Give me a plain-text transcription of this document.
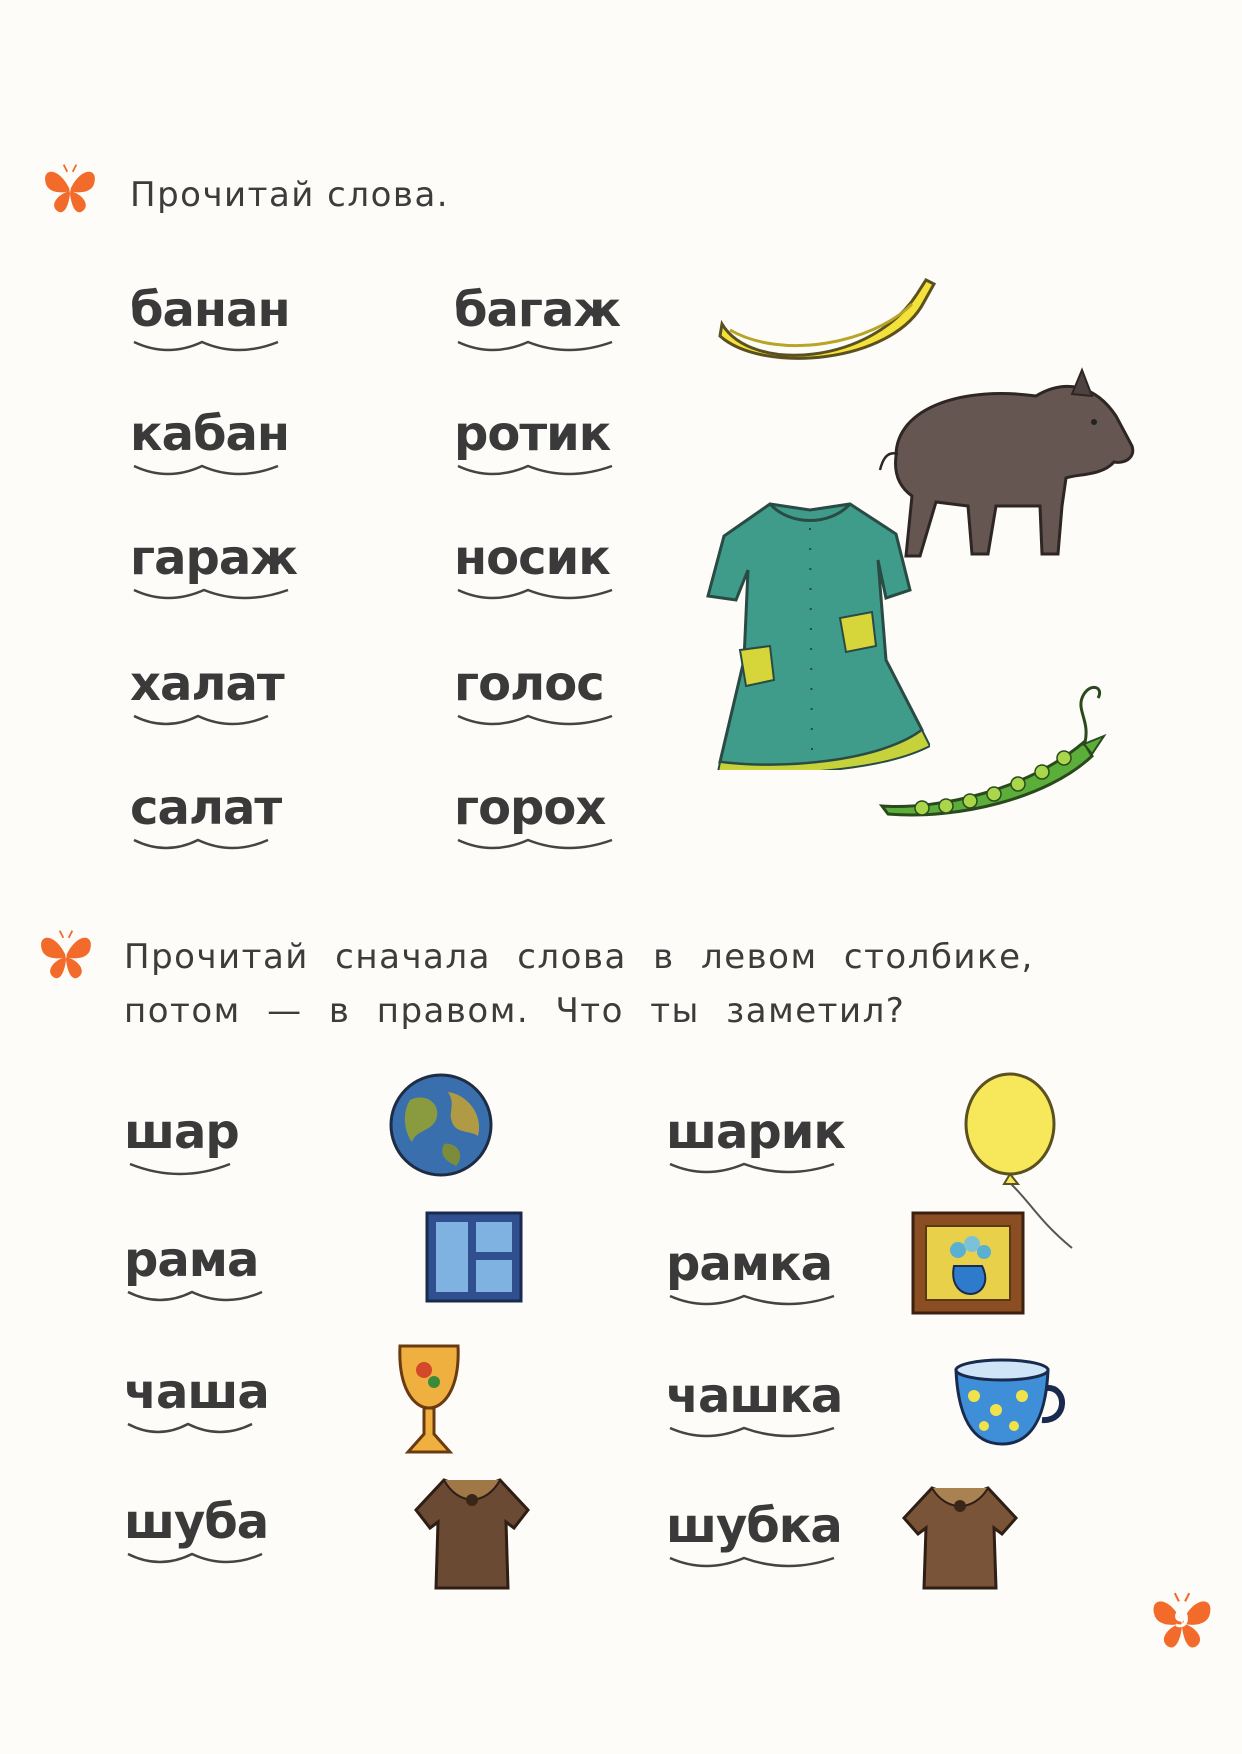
Прочитай слова.
банан
кабан
гараж
халат
салат
багаж
ротик
носик
голос
горох
Прочитай сначала слова в левом столбике,
потом — в правом. Что ты заметил?
шар
рама
чаша
шуба
шарик
рамка
чашка
шубка
9
